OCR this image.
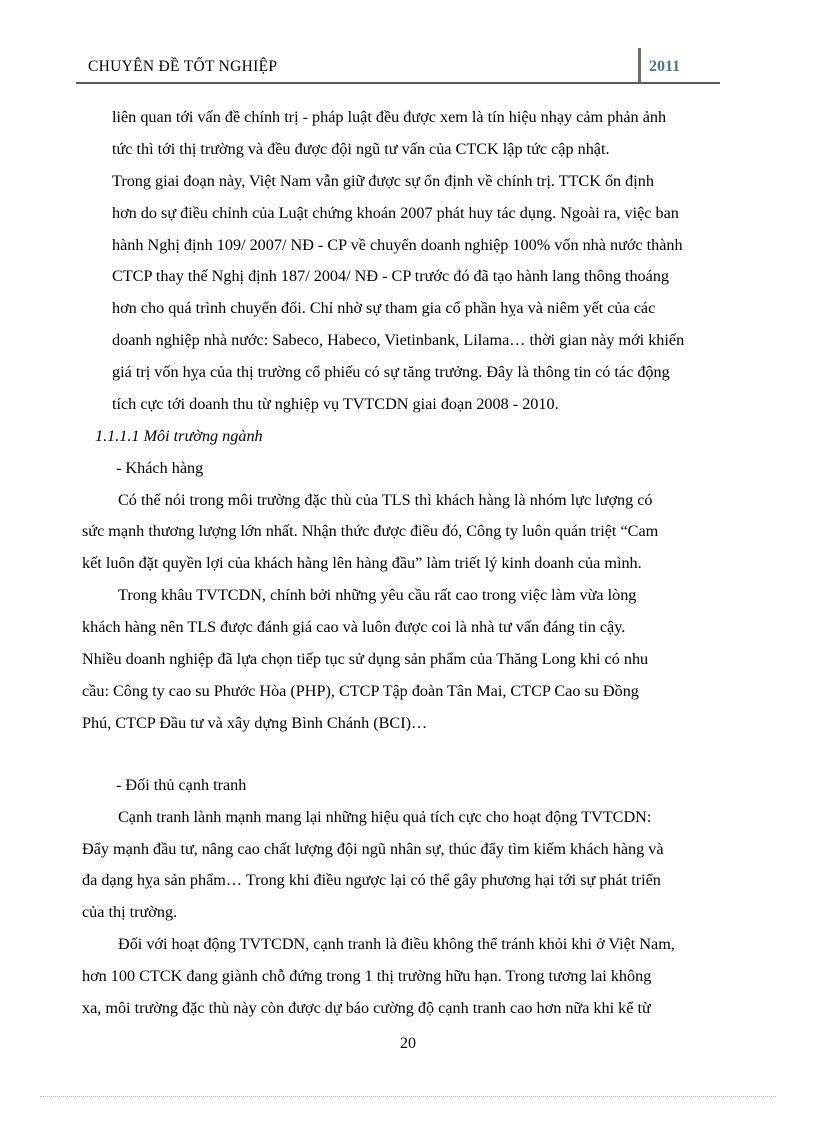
CHUYÊN ĐỀ TỐT NGHIỆP	2011
liên quan tới vấn đề chính trị - pháp luật đều được xem là tín hiệu nhạy cảm phản ảnh
tức thì tới thị trường và đều được đội ngũ tư vấn của CTCK lập tức cập nhật.
Trong giai đoạn này, Việt Nam vẫn giữ được sự ổn định về chính trị. TTCK ổn định
hơn do sự điều chỉnh của Luật chứng khoán 2007 phát huy tác dụng. Ngoài ra, việc ban
hành Nghị định 109/ 2007/ NĐ - CP về chuyển doanh nghiệp 100% vốn nhà nước thành
CTCP thay thế Nghị định 187/ 2004/ NĐ - CP trước đó đã tạo hành lang thông thoáng
hơn cho quá trình chuyển đổi. Chỉ nhờ sự tham gia cổ phần hỵa và niêm yết của các
doanh nghiệp nhà nước: Sabeco, Habeco, Vietinbank, Lilama… thời gian này mới khiến
giá trị vốn hỵa của thị trường cổ phiếu có sự tăng trưởng. Đây là thông tin có tác động
tích cực tới doanh thu từ nghiệp vụ TVTCDN giai đoạn 2008 - 2010.
1.1.1.1 Môi trường ngành
- Khách hàng
Có thể nói trong môi trường đặc thù của TLS thì khách hàng là nhóm lực lượng có
sức mạnh thương lượng lớn nhất. Nhận thức được điều đó, Công ty luôn quán triệt “Cam
kết luôn đặt quyền lợi của khách hàng lên hàng đầu” làm triết lý kinh doanh của mình.
Trong khâu TVTCDN, chính bởi những yêu cầu rất cao trong việc làm vừa lòng
khách hàng nên TLS được đánh giá cao và luôn được coi là nhà tư vấn đáng tin cậy.
Nhiều doanh nghiệp đã lựa chọn tiếp tục sử dụng sản phẩm của Thăng Long khi có nhu
cầu: Công ty cao su Phước Hòa (PHP), CTCP Tập đoàn Tân Mai, CTCP Cao su Đồng
Phú, CTCP Đầu tư và xây dựng Bình Chánh (BCI)…
- Đối thủ cạnh tranh
Cạnh tranh lành mạnh mang lại những hiệu quả tích cực cho hoạt động TVTCDN:
Đẩy mạnh đầu tư, nâng cao chất lượng đội ngũ nhân sự, thúc đẩy tìm kiếm khách hàng và
đa dạng hỵa sản phẩm… Trong khi điều ngược lại có thể gây phương hại tới sự phát triển
của thị trường.
Đối với hoạt động TVTCDN, cạnh tranh là điều không thể tránh khỏi khi ở Việt Nam,
hơn 100 CTCK đang giành chỗ đứng trong 1 thị trường hữu hạn. Trong tương lai không
xa, môi trường đặc thù này còn được dự báo cường độ cạnh tranh cao hơn nữa khi kể từ
20
